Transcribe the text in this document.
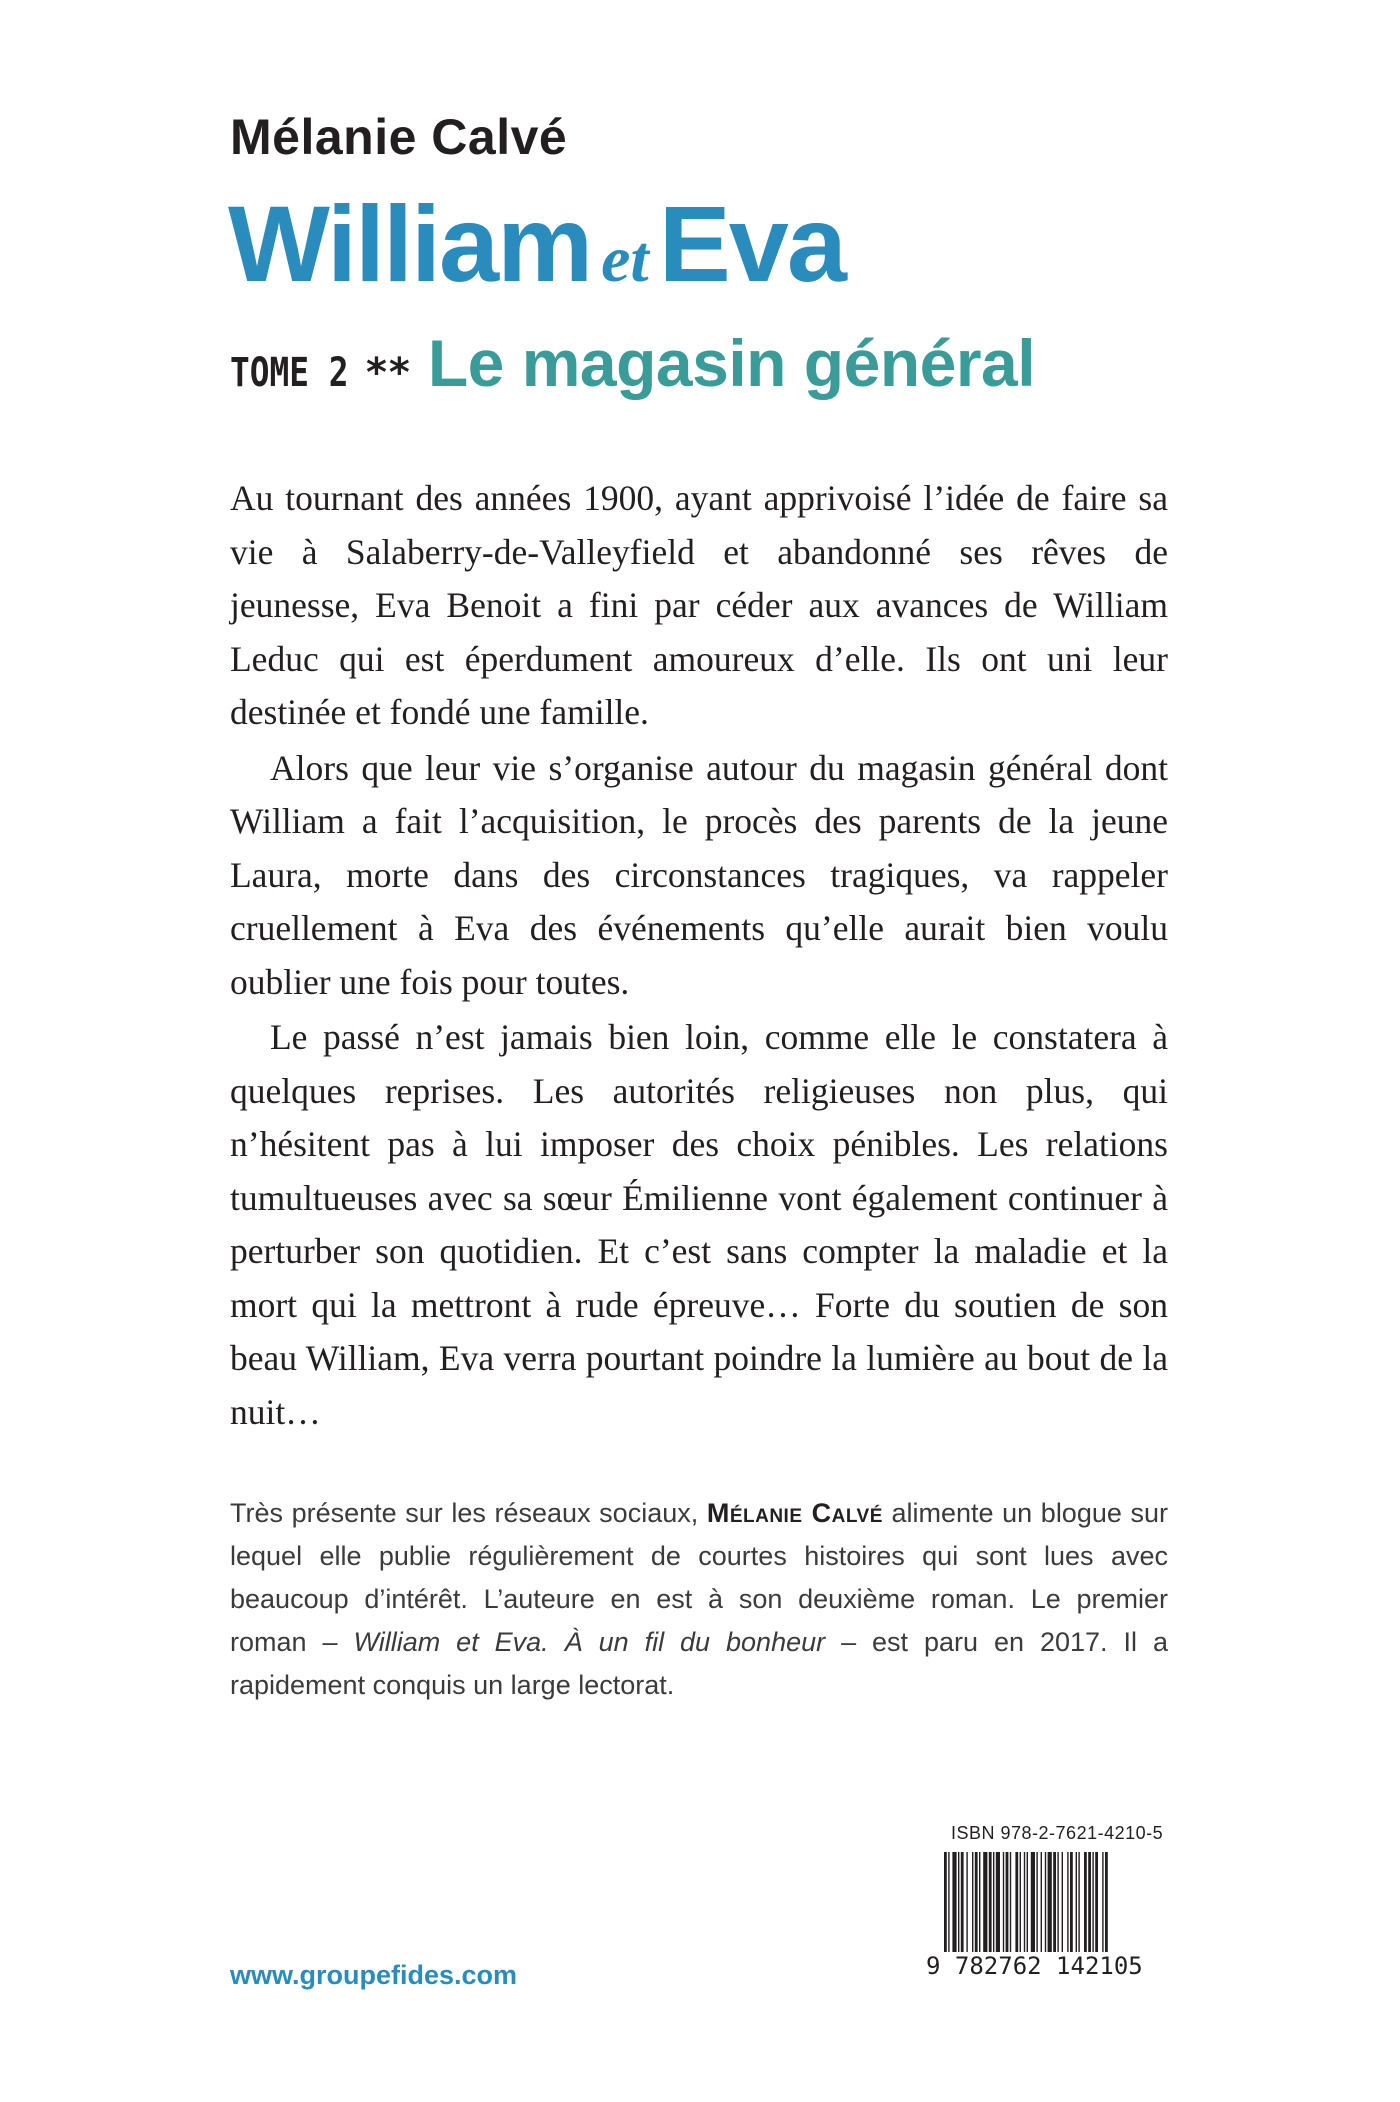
Mélanie Calvé
William etEva
TOME 2 ** Le magasin général

Au tournant des années 1900, ayant apprivoisé l’idée de faire sa vie à Salaberry-de-Valleyfield et abandonné ses rêves de jeunesse, Eva Benoit a fini par céder aux avances de William Leduc qui est éperdument amoureux d’elle. Ils ont uni leur destinée et fondé une famille.

Alors que leur vie s’organise autour du magasin général dont William a fait l’acquisition, le procès des parents de la jeune Laura, morte dans des circonstances tragiques, va rappeler cruellement à Eva des événements qu’elle aurait bien voulu oublier une fois pour toutes.

Le passé n’est jamais bien loin, comme elle le constatera à quelques reprises. Les autorités religieuses non plus, qui n’hésitent pas à lui imposer des choix pénibles. Les relations tumultueuses avec sa sœur Émilienne vont également continuer à perturber son quotidien. Et c’est sans compter la maladie et la mort qui la mettront à rude épreuve… Forte du soutien de son beau William, Eva verra pourtant poindre la lumière au bout de la nuit…

Très présente sur les réseaux sociaux, Mélanie Calvé alimente un blogue sur lequel elle publie régulièrement de courtes histoires qui sont lues avec beaucoup d’intérêt. L’auteure en est à son deuxième roman. Le premier roman – William et Eva. À un fil du bonheur – est paru en 2017. Il a rapidement conquis un large lectorat.

ISBN 978-2-7621-4210-5
9 782762 142105
www.groupefides.com
